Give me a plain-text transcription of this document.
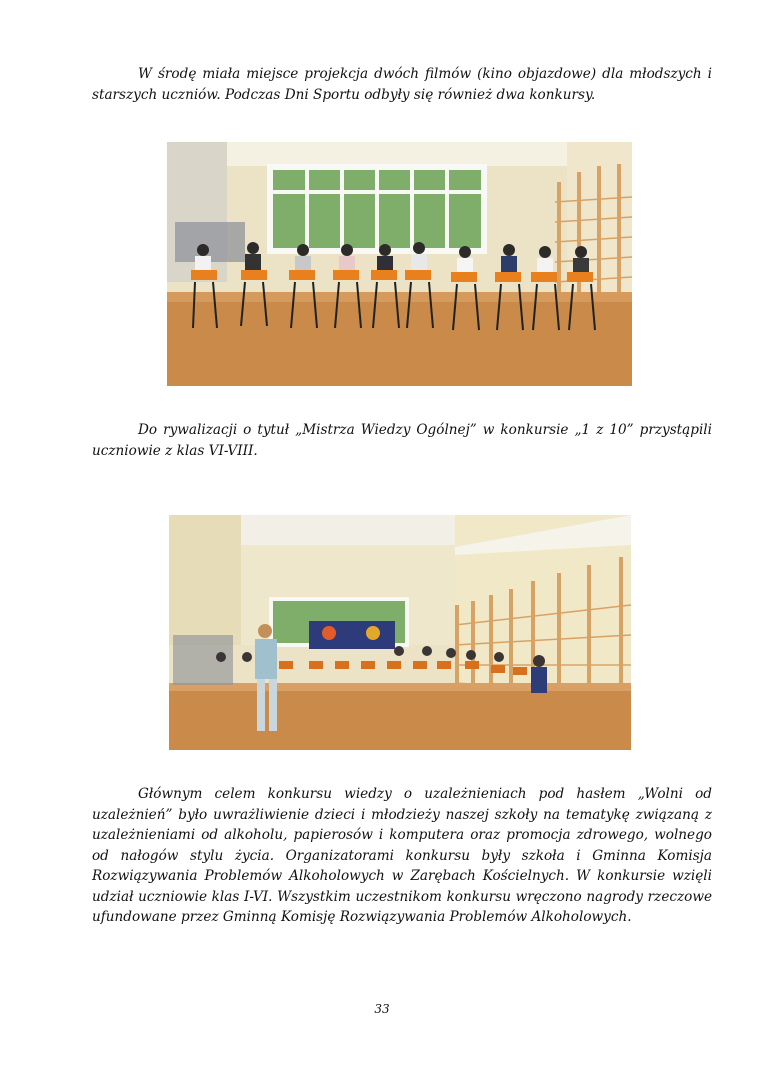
W środę miała miejsce projekcja dwóch filmów (kino objazdowe) dla młodszych i starszych uczniów. Podczas Dni Sportu odbyły się również dwa konkursy.

Do rywalizacji o tytuł „Mistrza Wiedzy Ogólnej” w konkursie „1 z 10” przystąpili uczniowie z klas VI-VIII.

Głównym celem konkursu wiedzy o uzależnieniach pod hasłem „Wolni od uzależnień” było uwrażliwienie dzieci i młodzieży naszej szkoły na tematykę związaną z uzależnieniami od alkoholu, papierosów i komputera oraz promocja zdrowego, wolnego od nałogów stylu życia. Organizatorami konkursu były szkoła i Gminna Komisja Rozwiązywania Problemów Alkoholowych w Zarębach Kościelnych. W konkursie wzięli udział uczniowie klas I-VI. Wszystkim uczestnikom konkursu wręczono nagrody rzeczowe ufundowane przez Gminną Komisję Rozwiązywania Problemów Alkoholowych.

33
